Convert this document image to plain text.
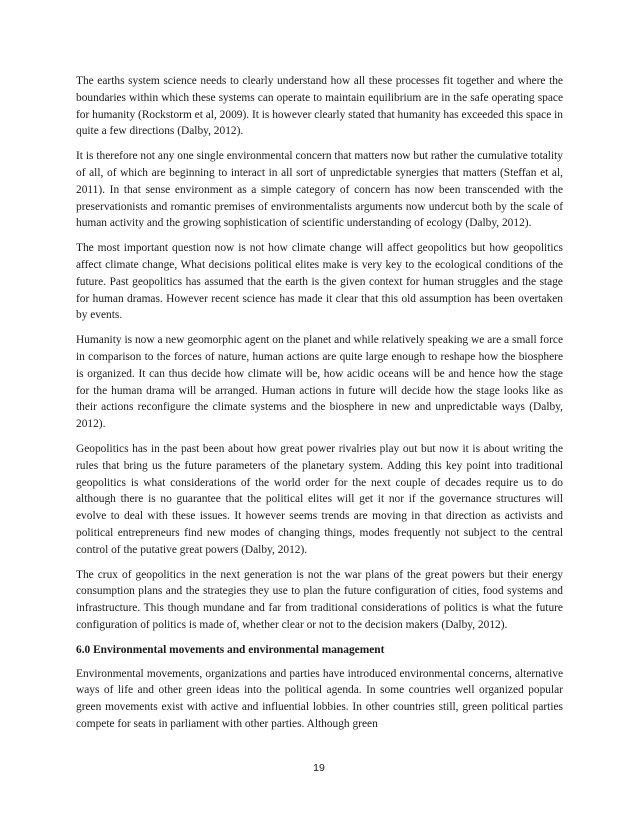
The earths system science needs to clearly understand how all these processes fit together and where the boundaries within which these systems can operate to maintain equilibrium are in the safe operating space for humanity (Rockstorm et al, 2009). It is however clearly stated that humanity has exceeded this space in quite a few directions (Dalby, 2012).

It is therefore not any one single environmental concern that matters now but rather the cumulative totality of all, of which are beginning to interact in all sort of unpredictable synergies that matters (Steffan et al, 2011). In that sense environment as a simple category of concern has now been transcended with the preservationists and romantic premises of environmentalists arguments now undercut both by the scale of human activity and the growing sophistication of scientific understanding of ecology (Dalby, 2012).

The most important question now is not how climate change will affect geopolitics but how geopolitics affect climate change, What decisions political elites make is very key to the ecological conditions of the future. Past geopolitics has assumed that the earth is the given context for human struggles and the stage for human dramas. However recent science has made it clear that this old assumption has been overtaken by events.

Humanity is now a new geomorphic agent on the planet and while relatively speaking we are a small force in comparison to the forces of nature, human actions are quite large enough to reshape how the biosphere is organized. It can thus decide how climate will be, how acidic oceans will be and hence how the stage for the human drama will be arranged. Human actions in future will decide how the stage looks like as their actions reconfigure the climate systems and the biosphere in new and unpredictable ways (Dalby, 2012).

Geopolitics has in the past been about how great power rivalries play out but now it is about writing the rules that bring us the future parameters of the planetary system. Adding this key point into traditional geopolitics is what considerations of the world order for the next couple of decades require us to do although there is no guarantee that the political elites will get it nor if the governance structures will evolve to deal with these issues. It however seems trends are moving in that direction as activists and political entrepreneurs find new modes of changing things, modes frequently not subject to the central control of the putative great powers (Dalby, 2012).

The crux of geopolitics in the next generation is not the war plans of the great powers but their energy consumption plans and the strategies they use to plan the future configuration of cities, food systems and infrastructure. This though mundane and far from traditional considerations of politics is what the future configuration of politics is made of, whether clear or not to the decision makers (Dalby, 2012).

6.0 Environmental movements and environmental management

Environmental movements, organizations and parties have introduced environmental concerns, alternative ways of life and other green ideas into the political agenda. In some countries well organized popular green movements exist with active and influential lobbies. In other countries still, green political parties compete for seats in parliament with other parties. Although green

19
